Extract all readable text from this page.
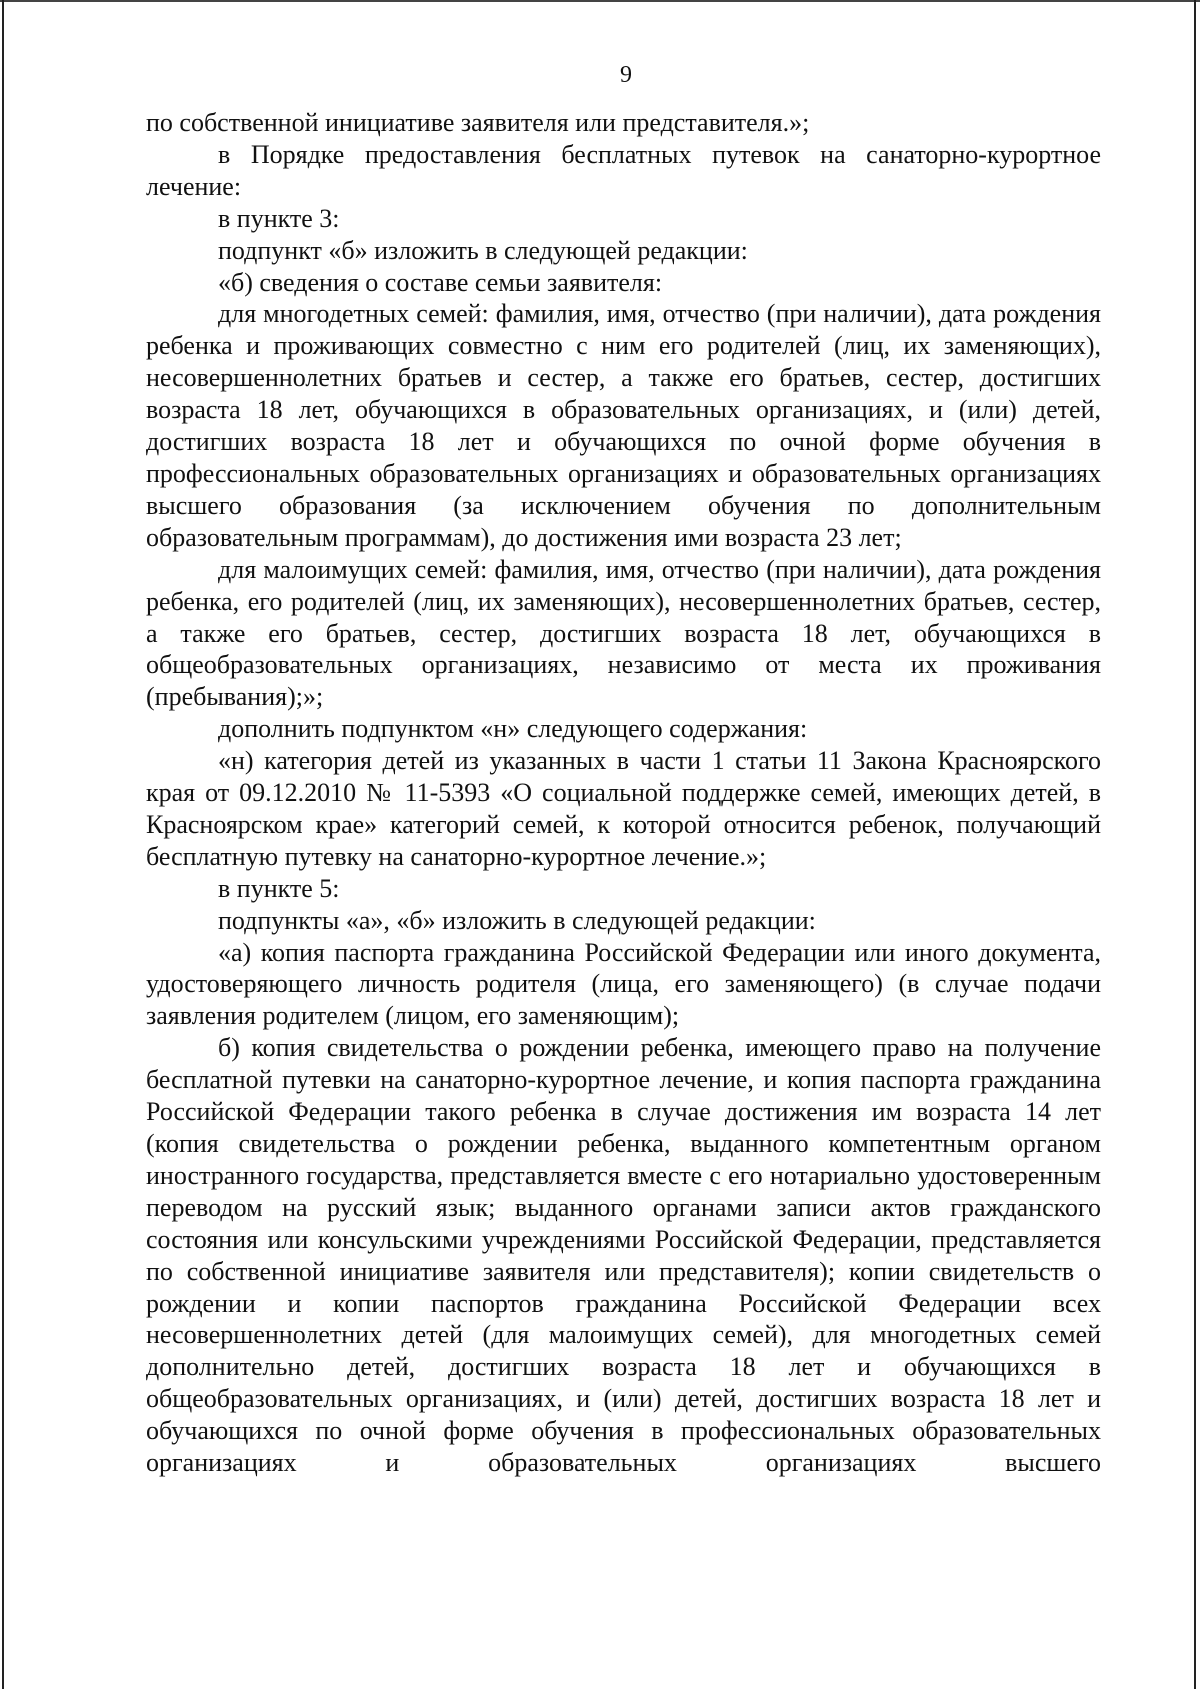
9

по собственной инициативе заявителя или представителя.»;

в Порядке предоставления бесплатных путевок на санаторно-курортное лечение:

в пункте 3:

подпункт «б» изложить в следующей редакции:

«б) сведения о составе семьи заявителя:

для многодетных семей: фамилия, имя, отчество (при наличии), дата рождения ребенка и проживающих совместно с ним его родителей (лиц, их заменяющих), несовершеннолетних братьев и сестер, а также его братьев, сестер, достигших возраста 18 лет, обучающихся в образовательных организациях, и (или) детей, достигших возраста 18 лет и обучающихся по очной форме обучения в профессиональных образовательных организациях и образовательных организациях высшего образования (за исключением обучения по дополнительным образовательным программам), до достижения ими возраста 23 лет;

для малоимущих семей: фамилия, имя, отчество (при наличии), дата рождения ребенка, его родителей (лиц, их заменяющих), несовершеннолетних братьев, сестер, а также его братьев, сестер, достигших возраста 18 лет, обучающихся в общеобразовательных организациях, независимо от места их проживания (пребывания);»;

дополнить подпунктом «н» следующего содержания:

«н) категория детей из указанных в части 1 статьи 11 Закона Красноярского края от 09.12.2010 № 11-5393 «О социальной поддержке семей, имеющих детей, в Красноярском крае» категорий семей, к которой относится ребенок, получающий бесплатную путевку на санаторно-курортное лечение.»;

в пункте 5:

подпункты «а», «б» изложить в следующей редакции:

«а) копия паспорта гражданина Российской Федерации или иного документа, удостоверяющего личность родителя (лица, его заменяющего) (в случае подачи заявления родителем (лицом, его заменяющим);

б) копия свидетельства о рождении ребенка, имеющего право на получение бесплатной путевки на санаторно-курортное лечение, и копия паспорта гражданина Российской Федерации такого ребенка в случае достижения им возраста 14 лет (копия свидетельства о рождении ребенка, выданного компетентным органом иностранного государства, представляется вместе с его нотариально удостоверенным переводом на русский язык; выданного органами записи актов гражданского состояния или консульскими учреждениями Российской Федерации, представляется по собственной инициативе заявителя или представителя); копии свидетельств о рождении и копии паспортов гражданина Российской Федерации всех несовершеннолетних детей (для малоимущих семей), для многодетных семей дополнительно детей, достигших возраста 18 лет и обучающихся в общеобразовательных организациях, и (или) детей, достигших возраста 18 лет и обучающихся по очной форме обучения в профессиональных образовательных организациях и образовательных организациях высшего
